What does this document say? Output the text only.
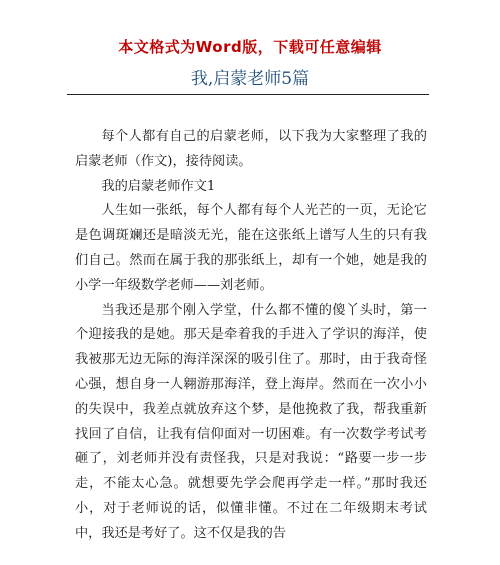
本文格式为Word版，下载可任意编辑
我,启蒙老师5篇

每个人都有自己的启蒙老师，以下我为大家整理了我的启蒙老师（作文)，接待阅读。

我的启蒙老师作文1

人生如一张纸，每个人都有每个人光芒的一页，无论它是色调斑斓还是暗淡无光，能在这张纸上谱写人生的只有我们自己。然而在属于我的那张纸上，却有一个她，她是我的小学一年级数学老师——刘老师。

当我还是那个刚入学堂，什么都不懂的傻丫头时，第一个迎接我的是她。那天是牵着我的手进入了学识的海洋，使我被那无边无际的海洋深深的吸引住了。那时，由于我奇怪心强，想自身一人翱游那海洋，登上海岸。然而在一次小小的失误中，我差点就放弃这个梦，是他挽救了我，帮我重新找回了自信，让我有信仰面对一切困难。有一次数学考试考砸了，刘老师并没有责怪我，只是对我说：“路要一步一步走，不能太心急。就想要先学会爬再学走一样。”那时我还小，对于老师说的话，似懂非懂。不过在二年级期末考试中，我还是考好了。这不仅是我的告
